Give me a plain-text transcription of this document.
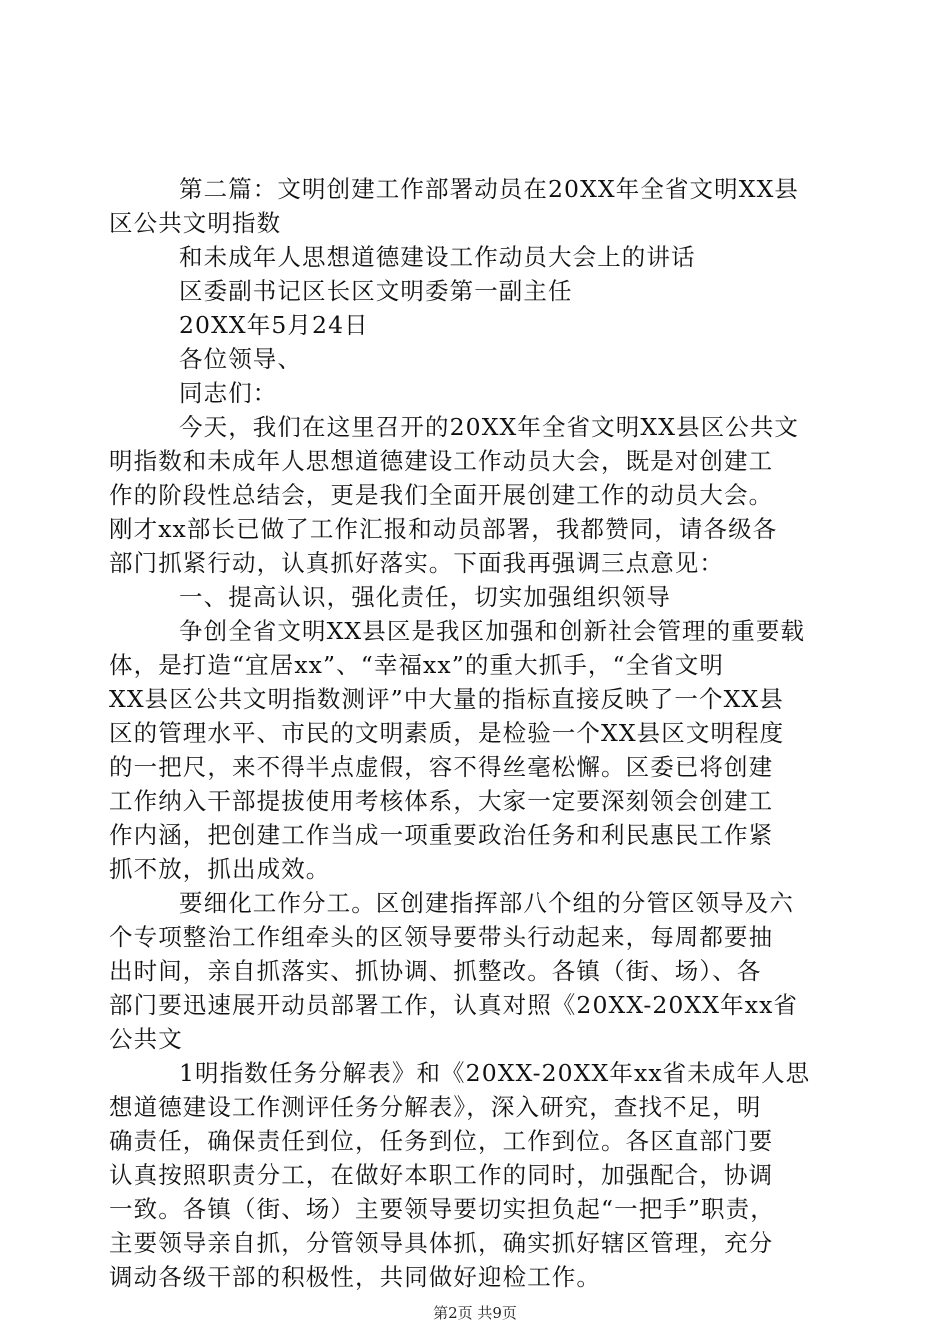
第二篇：文明创建工作部署动员在20XX年全省文明XX县
区公共文明指数

和未成年人思想道德建设工作动员大会上的讲话

区委副书记区长区文明委第一副主任

20XX年5月24日

各位领导、

同志们：

今天，我们在这里召开的20XX年全省文明XX县区公共文
明指数和未成年人思想道德建设工作动员大会，既是对创建工
作的阶段性总结会，更是我们全面开展创建工作的动员大会。
刚才xx部长已做了工作汇报和动员部署，我都赞同，请各级各
部门抓紧行动，认真抓好落实。下面我再强调三点意见：

一、提高认识，强化责任，切实加强组织领导

争创全省文明XX县区是我区加强和创新社会管理的重要载
体，是打造“宜居xx”、“幸福xx”的重大抓手，“全省文明
XX县区公共文明指数测评”中大量的指标直接反映了一个XX县
区的管理水平、市民的文明素质，是检验一个XX县区文明程度
的一把尺，来不得半点虚假，容不得丝毫松懈。区委已将创建
工作纳入干部提拔使用考核体系，大家一定要深刻领会创建工
作内涵，把创建工作当成一项重要政治任务和利民惠民工作紧
抓不放，抓出成效。

要细化工作分工。区创建指挥部八个组的分管区领导及六
个专项整治工作组牵头的区领导要带头行动起来，每周都要抽
出时间，亲自抓落实、抓协调、抓整改。各镇（街、场）、各
部门要迅速展开动员部署工作，认真对照《20XX-20XX年xx省
公共文

1明指数任务分解表》和《20XX-20XX年xx省未成年人思
想道德建设工作测评任务分解表》，深入研究，查找不足，明
确责任，确保责任到位，任务到位，工作到位。各区直部门要
认真按照职责分工，在做好本职工作的同时，加强配合，协调
一致。各镇（街、场）主要领导要切实担负起“一把手”职责，
主要领导亲自抓，分管领导具体抓，确实抓好辖区管理，充分
调动各级干部的积极性，共同做好迎检工作。

第2页 共9页
